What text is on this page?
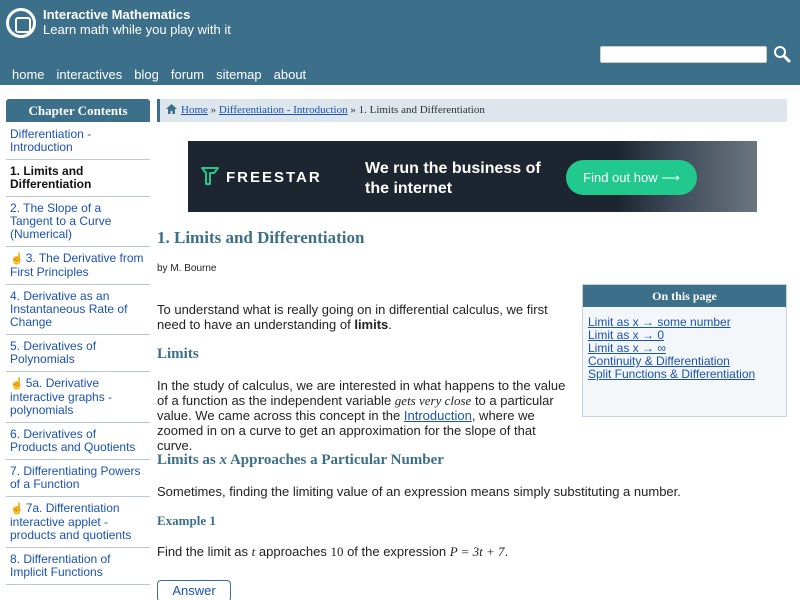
Interactive Mathematics
Learn math while you play with it
home interactives blog forum sitemap about
Chapter Contents
Differentiation - Introduction
1. Limits and Differentiation
2. The Slope of a Tangent to a Curve (Numerical)
☝ 3. The Derivative from First Principles
4. Derivative as an Instantaneous Rate of Change
5. Derivatives of Polynomials
☝ 5a. Derivative interactive graphs - polynomials
6. Derivatives of Products and Quotients
7. Differentiating Powers of a Function
☝ 7a. Differentiation interactive applet - products and quotients
8. Differentiation of Implicit Functions
Home » Differentiation - Introduction » 1. Limits and Differentiation
FREESTAR
We run the business of the internet
Find out how ⟶
1. Limits and Differentiation
by M. Bourne
On this page
Limit as x → some number
Limit as x → 0
Limit as x → ∞
Continuity & Differentiation
Split Functions & Differentiation
To understand what is really going on in differential calculus, we first need to have an understanding of limits.
Limits
In the study of calculus, we are interested in what happens to the value of a function as the independent variable gets very close to a particular value. We came across this concept in the Introduction, where we zoomed in on a curve to get an approximation for the slope of that curve.
Limits as x Approaches a Particular Number
Sometimes, finding the limiting value of an expression means simply substituting a number.
Example 1
Find the limit as t approaches 10 of the expression P = 3t + 7.
Answer
